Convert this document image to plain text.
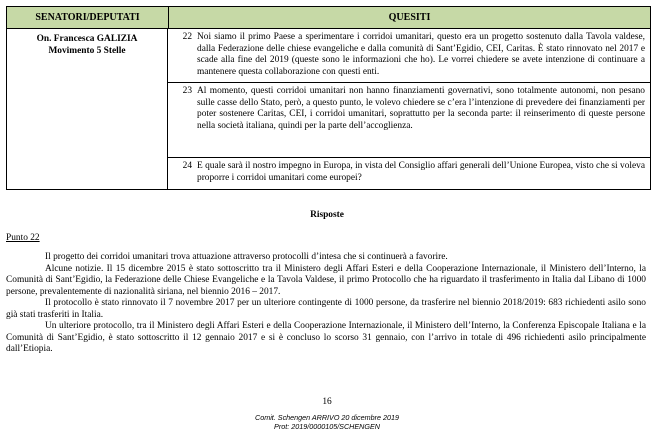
SENATORI/DEPUTATI	QUESITI
On. Francesca GALIZIA
Movimento 5 Stelle
22 Noi siamo il primo Paese a sperimentare i corridoi umanitari, questo era un progetto sostenuto dalla Tavola valdese, dalla Federazione delle chiese evangeliche e dalla comunità di Sant’Egidio, CEI, Caritas. È stato rinnovato nel 2017 e scade alla fine del 2019 (queste sono le informazioni che ho). Le vorrei chiedere se avete intenzione di continuare a mantenere questa collaborazione con questi enti.
23 Al momento, questi corridoi umanitari non hanno finanziamenti governativi, sono totalmente autonomi, non pesano sulle casse dello Stato, però, a questo punto, le volevo chiedere se c’era l’intenzione di prevedere dei finanziamenti per poter sostenere Caritas, CEI, i corridoi umanitari, soprattutto per la seconda parte: il reinserimento di queste persone nella società italiana, quindi per la parte dell’accoglienza.
24 E quale sarà il nostro impegno in Europa, in vista del Consiglio affari generali dell’Unione Europea, visto che si voleva proporre i corridoi umanitari come europei?
Risposte
Punto 22

Il progetto dei corridoi umanitari trova attuazione attraverso protocolli d’intesa che si continuerà a favorire.

Alcune notizie. Il 15 dicembre 2015 è stato sottoscritto tra il Ministero degli Affari Esteri e della Cooperazione Internazionale, il Ministero dell’Interno, la Comunità di Sant’Egidio, la Federazione delle Chiese Evangeliche e la Tavola Valdese, il primo Protocollo che ha riguardato il trasferimento in Italia dal Libano di 1000 persone, prevalentemente di nazionalità siriana, nel biennio 2016 – 2017.

Il protocollo è stato rinnovato il 7 novembre 2017 per un ulteriore contingente di 1000 persone, da trasferire nel biennio 2018/2019: 683 richiedenti asilo sono già stati trasferiti in Italia.

Un ulteriore protocollo, tra il Ministero degli Affari Esteri e della Cooperazione Internazionale, il Ministero dell’Interno, la Conferenza Episcopale Italiana e la Comunità di Sant’Egidio, è stato sottoscritto il 12 gennaio 2017 e si è concluso lo scorso 31 gennaio, con l’arrivo in totale di 496 richiedenti asilo principalmente dall’Etiopia.

16
Comit. Schengen ARRIVO 20 dicembre 2019
Prot: 2019/0000105/SCHENGEN
